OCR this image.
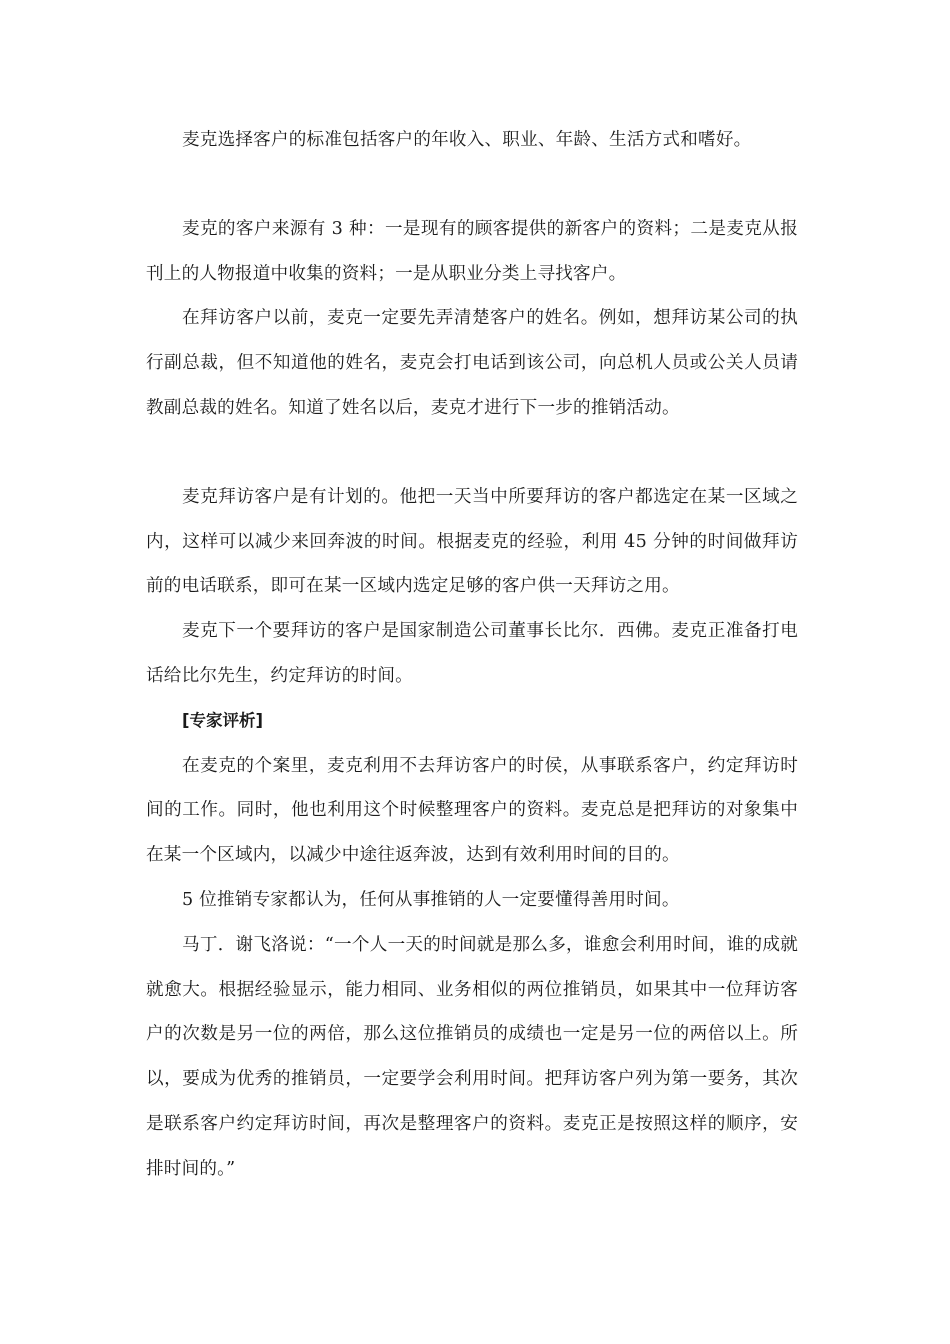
麦克选择客户的标准包括客户的年收入、职业、年龄、生活方式和嗜好。

麦克的客户来源有 3 种：一是现有的顾客提供的新客户的资料；二是麦克从报刊上的人物报道中收集的资料；一是从职业分类上寻找客户。

在拜访客户以前，麦克一定要先弄清楚客户的姓名。例如，想拜访某公司的执行副总裁，但不知道他的姓名，麦克会打电话到该公司，向总机人员或公关人员请教副总裁的姓名。知道了姓名以后，麦克才进行下一步的推销活动。

麦克拜访客户是有计划的。他把一天当中所要拜访的客户都选定在某一区域之内，这样可以减少来回奔波的时间。根据麦克的经验，利用 45 分钟的时间做拜访前的电话联系，即可在某一区域内选定足够的客户供一天拜访之用。

麦克下一个要拜访的客户是国家制造公司董事长比尔．西佛。麦克正准备打电话给比尔先生，约定拜访的时间。

[专家评析]

在麦克的个案里，麦克利用不去拜访客户的时侯，从事联系客户，约定拜访时间的工作。同时，他也利用这个时候整理客户的资料。麦克总是把拜访的对象集中在某一个区域内，以减少中途往返奔波，达到有效利用时间的目的。

5 位推销专家都认为，任何从事推销的人一定要懂得善用时间。

马丁．谢飞洛说：“一个人一天的时间就是那么多，谁愈会利用时间，谁的成就就愈大。根据经验显示，能力相同、业务相似的两位推销员，如果其中一位拜访客户的次数是另一位的两倍，那么这位推销员的成绩也一定是另一位的两倍以上。所以，要成为优秀的推销员，一定要学会利用时间。把拜访客户列为第一要务，其次是联系客户约定拜访时间，再次是整理客户的资料。麦克正是按照这样的顺序，安排时间的。”
